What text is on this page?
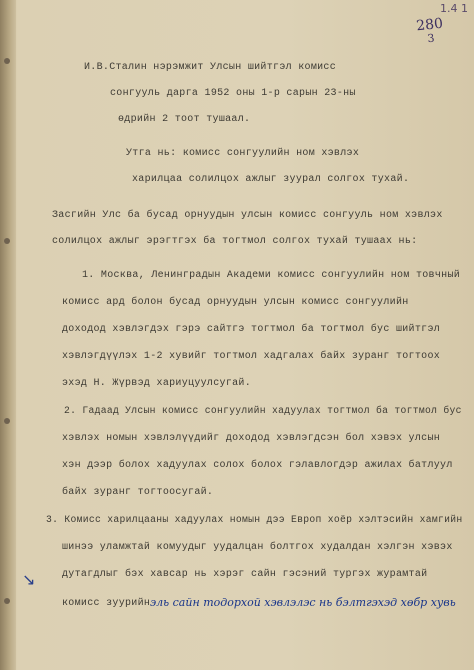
1.4 1
280
3
И.В.Сталин нэрэмжит Улсын шийтгэл комисс
сонгууль дарга 1952 оны 1-р сарын 23-ны
өдрийн 2 тоот тушаал.
Утга нь: комисс сонгуулийн ном хэвлэх
харилцаа солилцох ажлыг зуурал солгох тухай.
Засгийн Улс ба бусад орнуудын улсын комисс сонгууль ном хэвлэх
солилцох ажлыг эрэгтгэх ба тогтмол солгох тухай тушаах нь:
1. Москва, Ленинградын Академи комисс сонгуулийн ном товчный
комисс ард болон бусад орнуудын улсын комисс сонгуулийн
доходод хэвлэгдэх гэрэ сайтгэ тогтмол ба тогтмол бус шийтгэл
хэвлэгдүүлэх 1-2 хувийг тогтмол хадгалах байх зуранг тогтоох
эхэд Н. Жүрвэд хариуцуулсугай.
2. Гадаад Улсын комисс сонгуулийн хадуулах тогтмол ба тогтмол бус
хэвлэх номын хэвлэлүүдийг доходод хэвлэгдсэн бол хэвэх улсын
хэн дээр болох хадуулах солох болох гэлавлогдэр ажилах батлуул
байх зуранг тогтоосугай.
3. Комисс харилцааны хадуулах номын дээ Европ хоёр хэлтэсийн хамгийн
шинээ уламжтай комуудыг уудалцан болтгох худалдан хэлгэн хэвэх
дутагдлыг бэх хавсар нь хэрэг сайн гэсэний тургэх журамтай
комисс зуурийн
↘
эль сайн тодорхой хэвлэлэс нь бэлтгэхэд хөбр хувь
